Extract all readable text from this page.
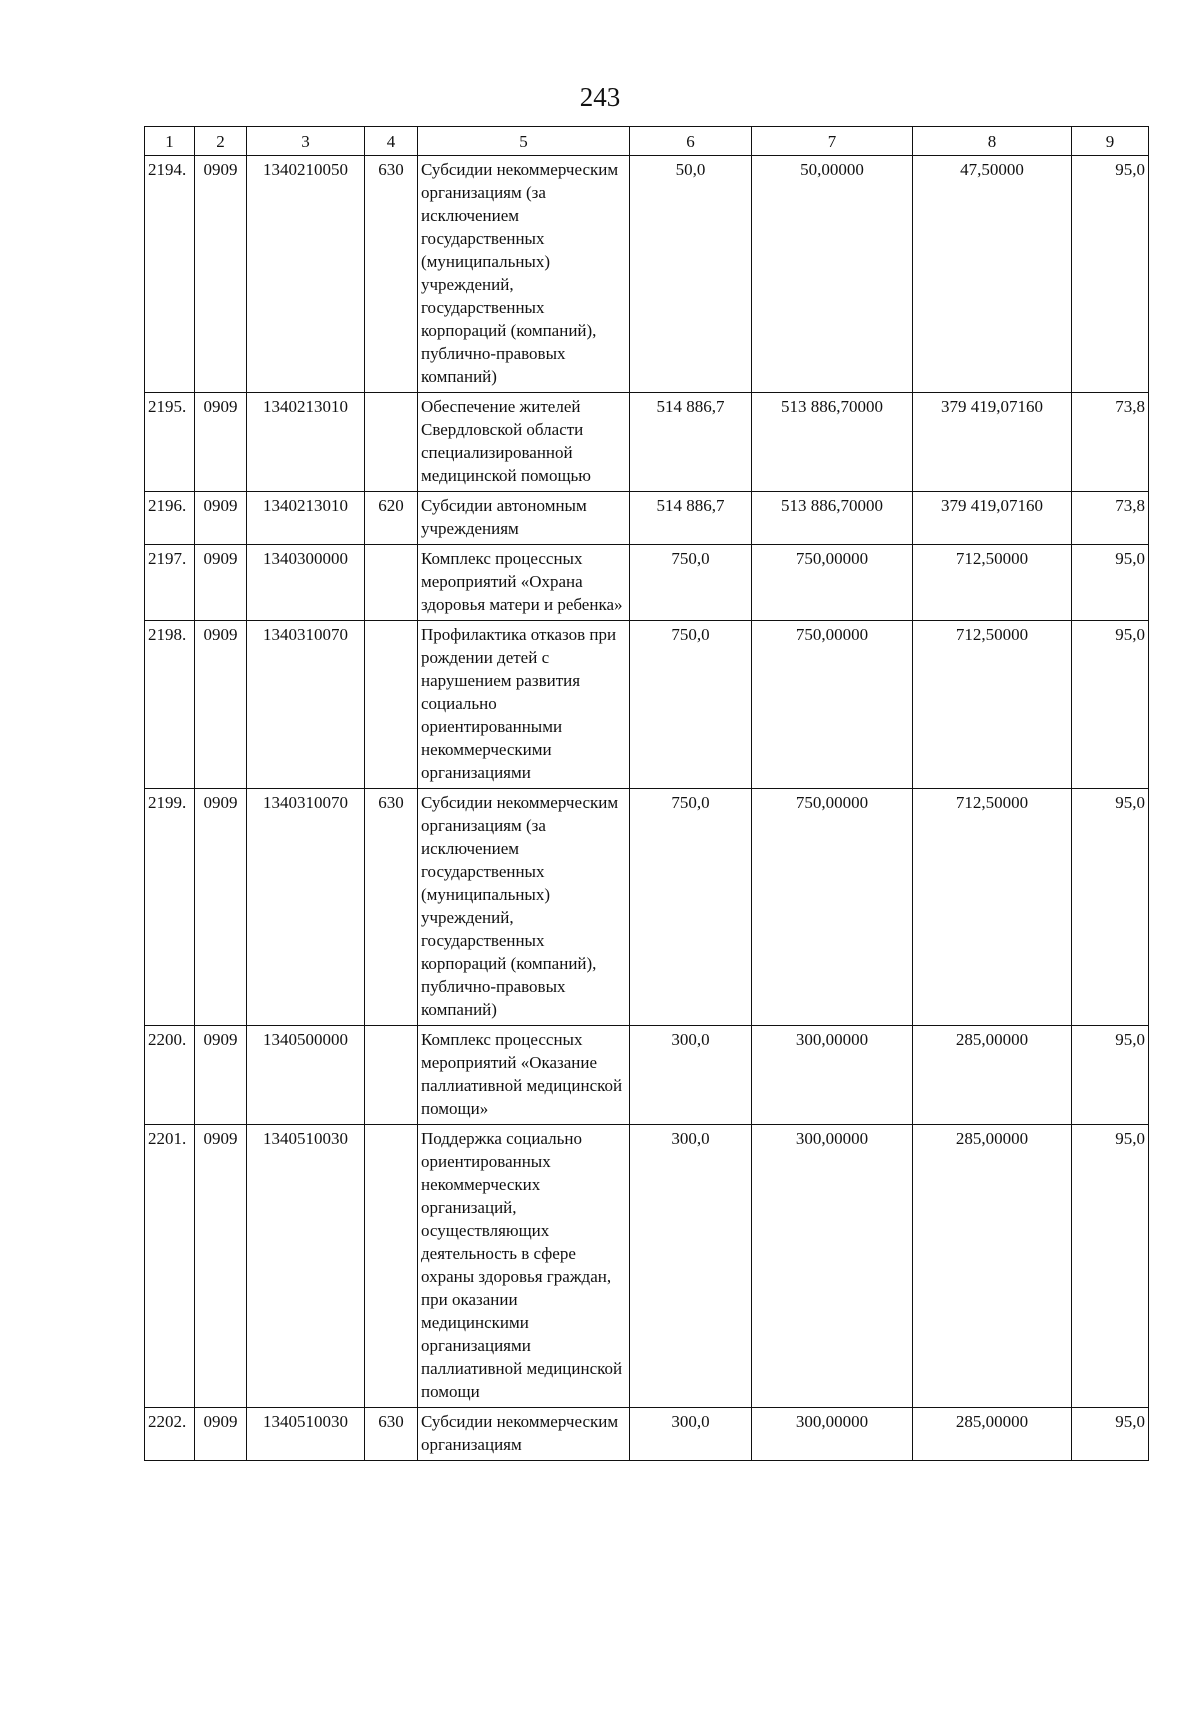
243
1	2	3	4	5	6	7	8	9
2194.	0909	1340210050	630	Субсидии некоммерческим организациям (за исключением государственных (муниципальных) учреждений, государственных корпораций (компаний), публично-правовых компаний)	50,0	50,00000	47,50000	95,0
2195.	0909	1340213010		Обеспечение жителей Свердловской области специализированной медицинской помощью	514 886,7	513 886,70000	379 419,07160	73,8
2196.	0909	1340213010	620	Субсидии автономным учреждениям	514 886,7	513 886,70000	379 419,07160	73,8
2197.	0909	1340300000		Комплекс процессных мероприятий «Охрана здоровья матери и ребенка»	750,0	750,00000	712,50000	95,0
2198.	0909	1340310070		Профилактика отказов при рождении детей с нарушением развития социально ориентированными некоммерческими организациями	750,0	750,00000	712,50000	95,0
2199.	0909	1340310070	630	Субсидии некоммерческим организациям (за исключением государственных (муниципальных) учреждений, государственных корпораций (компаний), публично-правовых компаний)	750,0	750,00000	712,50000	95,0
2200.	0909	1340500000		Комплекс процессных мероприятий «Оказание паллиативной медицинской помощи»	300,0	300,00000	285,00000	95,0
2201.	0909	1340510030		Поддержка социально ориентированных некоммерческих организаций, осуществляющих деятельность в сфере охраны здоровья граждан, при оказании медицинскими организациями паллиативной медицинской помощи	300,0	300,00000	285,00000	95,0
2202.	0909	1340510030	630	Субсидии некоммерческим организациям	300,0	300,00000	285,00000	95,0
